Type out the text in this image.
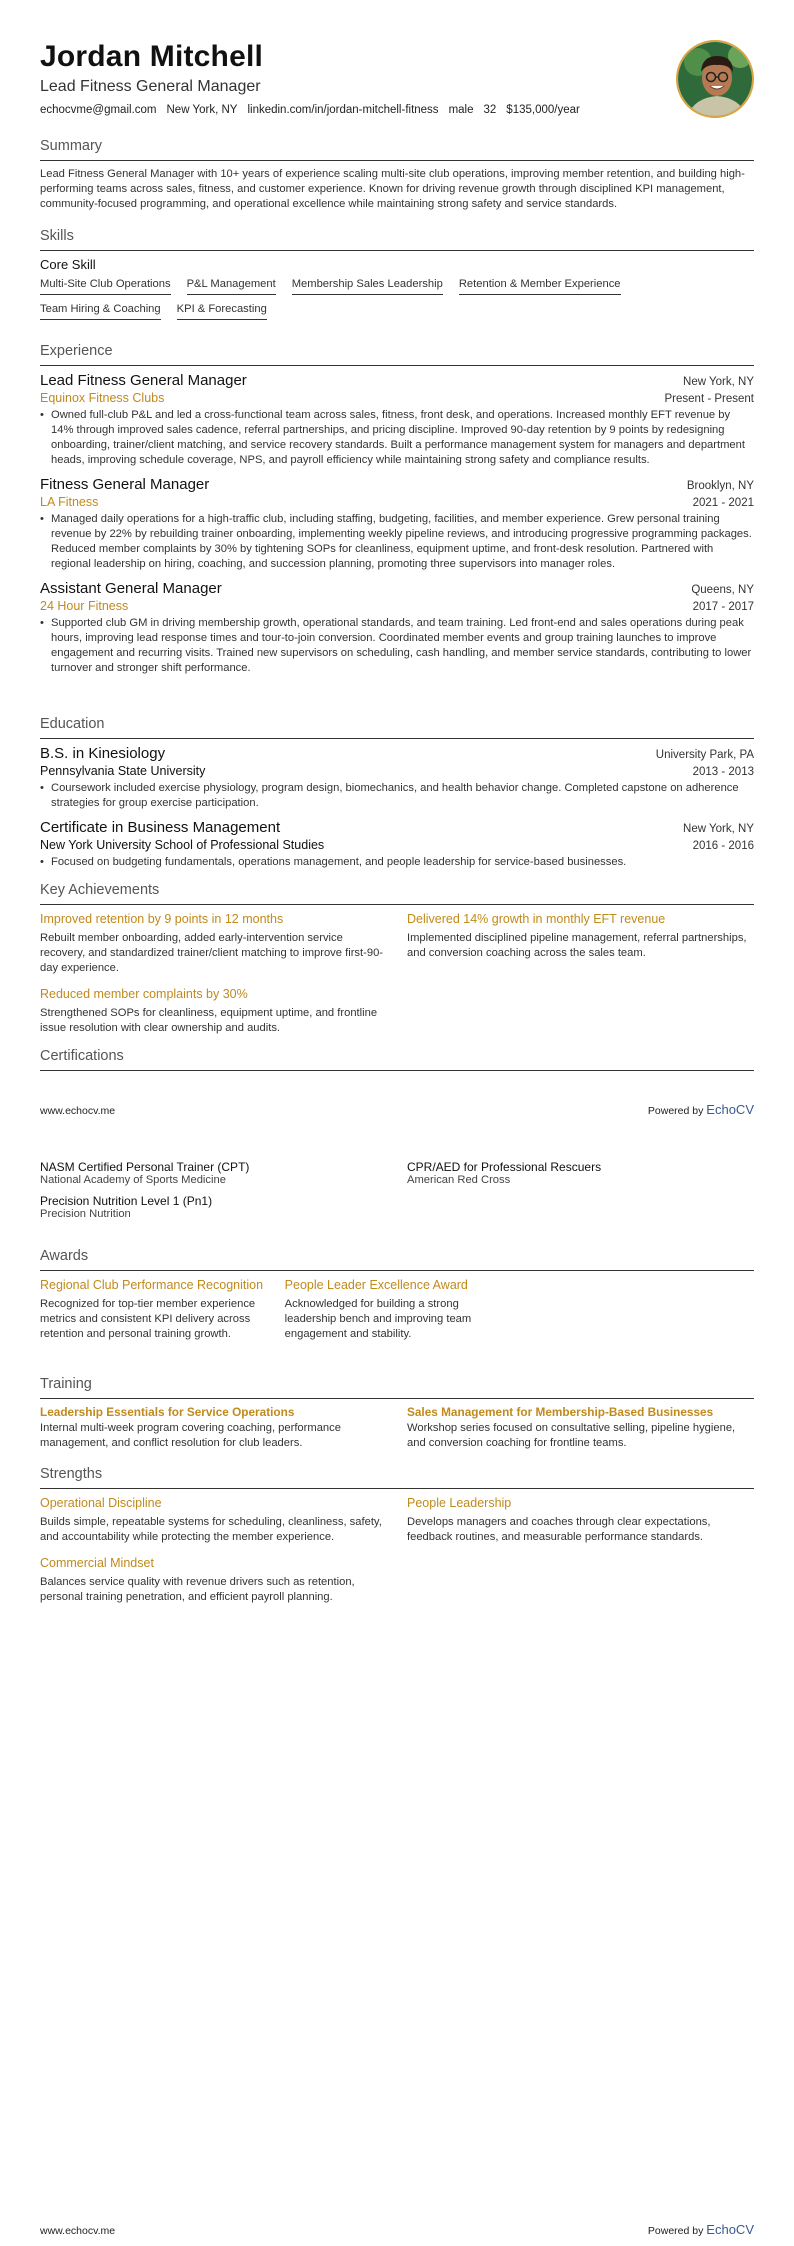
Jordan Mitchell
Lead Fitness General Manager
echocvme@gmail.com New York, NY linkedin.com/in/jordan-mitchell-fitness male 32 $135,000/year
Summary
Lead Fitness General Manager with 10+ years of experience scaling multi-site club operations, improving member retention, and building high-performing teams across sales, fitness, and customer experience. Known for driving revenue growth through disciplined KPI management, community-focused programming, and operational excellence while maintaining strong safety and service standards.
Skills
Core Skill
Multi-Site Club Operations P&L Management Membership Sales Leadership Retention & Member Experience
Team Hiring & Coaching KPI & Forecasting
Experience
Lead Fitness General Manager	New York, NY
Equinox Fitness Clubs	Present - Present
• Owned full-club P&L and led a cross-functional team across sales, fitness, front desk, and operations. Increased monthly EFT revenue by 14% through improved sales cadence, referral partnerships, and pricing discipline. Improved 90-day retention by 9 points by redesigning onboarding, trainer/client matching, and service recovery standards. Built a performance management system for managers and department heads, improving schedule coverage, NPS, and payroll efficiency while maintaining strong safety and compliance results.
Fitness General Manager	Brooklyn, NY
LA Fitness	2021 - 2021
• Managed daily operations for a high-traffic club, including staffing, budgeting, facilities, and member experience. Grew personal training revenue by 22% by rebuilding trainer onboarding, implementing weekly pipeline reviews, and introducing progressive programming packages. Reduced member complaints by 30% by tightening SOPs for cleanliness, equipment uptime, and front-desk resolution. Partnered with regional leadership on hiring, coaching, and succession planning, promoting three supervisors into manager roles.
Assistant General Manager	Queens, NY
24 Hour Fitness	2017 - 2017
• Supported club GM in driving membership growth, operational standards, and team training. Led front-end and sales operations during peak hours, improving lead response times and tour-to-join conversion. Coordinated member events and group training launches to improve engagement and recurring visits. Trained new supervisors on scheduling, cash handling, and member service standards, contributing to lower turnover and stronger shift performance.
Education
B.S. in Kinesiology	University Park, PA
Pennsylvania State University	2013 - 2013
• Coursework included exercise physiology, program design, biomechanics, and health behavior change. Completed capstone on adherence strategies for group exercise participation.
Certificate in Business Management	New York, NY
New York University School of Professional Studies	2016 - 2016
• Focused on budgeting fundamentals, operations management, and people leadership for service-based businesses.
Key Achievements
Improved retention by 9 points in 12 months
Rebuilt member onboarding, added early-intervention service recovery, and standardized trainer/client matching to improve first-90-day experience.
Delivered 14% growth in monthly EFT revenue
Implemented disciplined pipeline management, referral partnerships, and conversion coaching across the sales team.
Reduced member complaints by 30%
Strengthened SOPs for cleanliness, equipment uptime, and frontline issue resolution with clear ownership and audits.
Certifications
www.echocv.me	Powered by EchoCV
NASM Certified Personal Trainer (CPT)
National Academy of Sports Medicine
CPR/AED for Professional Rescuers
American Red Cross
Precision Nutrition Level 1 (Pn1)
Precision Nutrition
Awards
Regional Club Performance Recognition
Recognized for top-tier member experience metrics and consistent KPI delivery across retention and personal training growth.
People Leader Excellence Award
Acknowledged for building a strong leadership bench and improving team engagement and stability.
Training
Leadership Essentials for Service Operations
Internal multi-week program covering coaching, performance management, and conflict resolution for club leaders.
Sales Management for Membership-Based Businesses
Workshop series focused on consultative selling, pipeline hygiene, and conversion coaching for frontline teams.
Strengths
Operational Discipline
Builds simple, repeatable systems for scheduling, cleanliness, safety, and accountability while protecting the member experience.
People Leadership
Develops managers and coaches through clear expectations, feedback routines, and measurable performance standards.
Commercial Mindset
Balances service quality with revenue drivers such as retention, personal training penetration, and efficient payroll planning.
www.echocv.me	Powered by EchoCV
